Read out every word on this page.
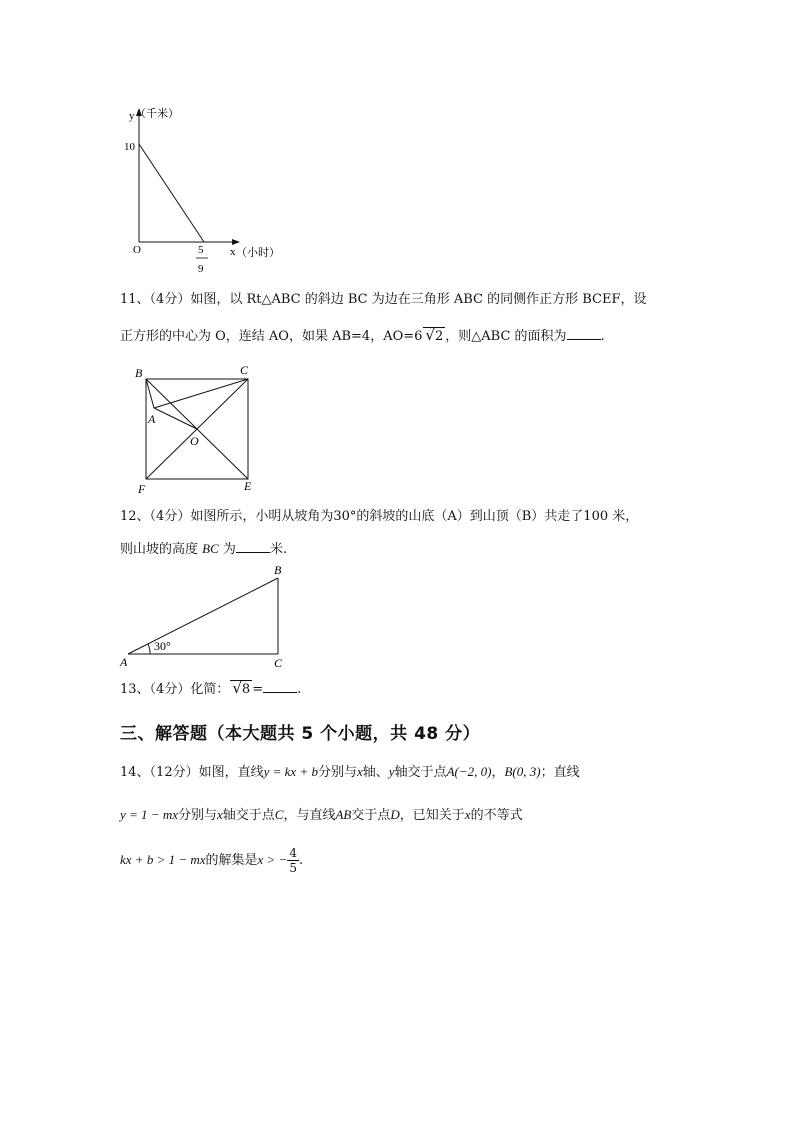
y （千米）
10
O	x （小时）
5
9
11、（4分）如图，以 Rt△ABC 的斜边 BC 为边在三角形 ABC 的同侧作正方形 BCEF，设
正方形的中心为 O，连结 AO，如果 AB=4，AO=6 √2 ，则△ABC 的面积为	.
B	C
A
O
F	E
12、（4分）如图所示，小明从坡角为30°的斜坡的山底（A）到山顶（B）共走了100 米，
则山坡的高度 BC 为	米.
30°
A
B
C
13、（4分）化简： √8 =	.
三、解答题（本大题共 5 个小题，共 48 分）
14、（12分）如图，直线y = kx + b分别与x轴、y轴交于点A(−2, 0)，B(0, 3)；直线
y = 1 − mx分别与x轴交于点C，与直线AB交于点D，已知关于x的不等式
kx + b > 1 − mx的解集是x > − $\frac{4}{5}$ .
